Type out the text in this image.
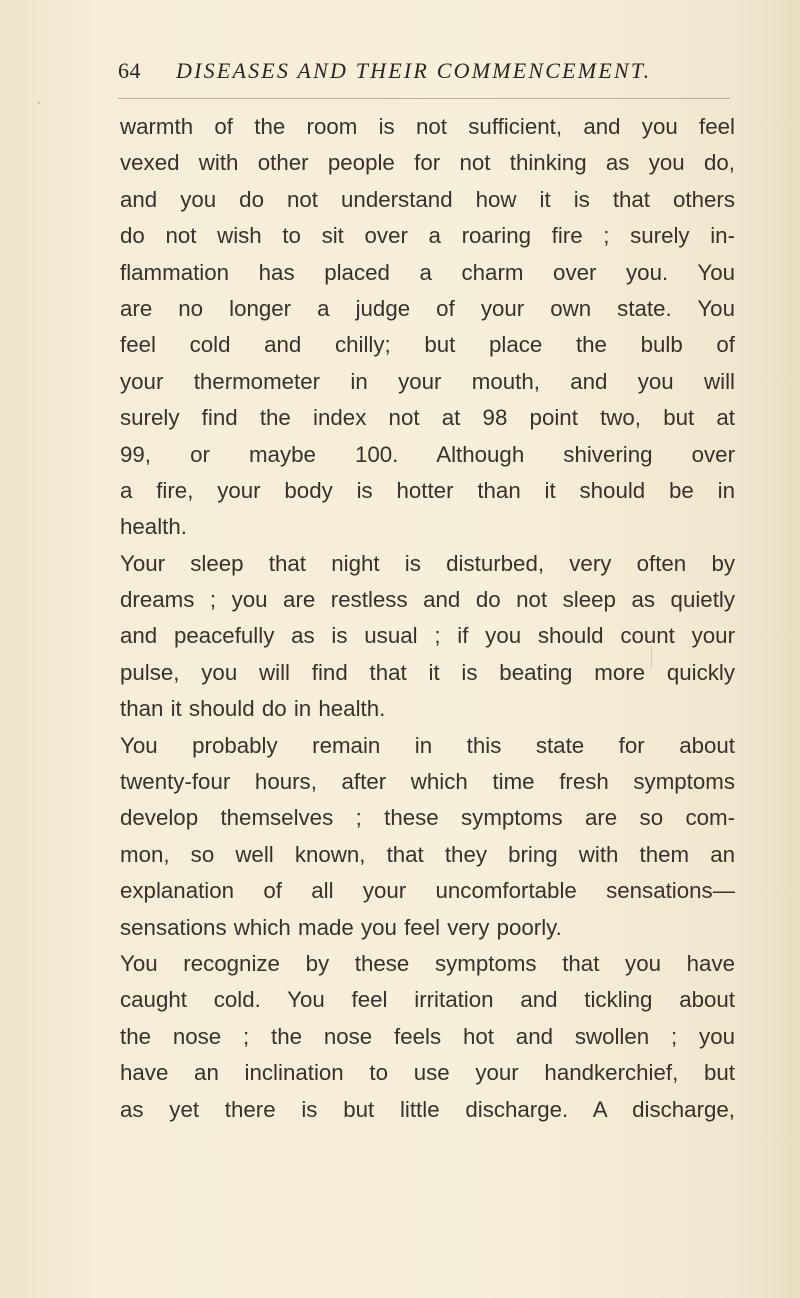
64 DISEASES AND THEIR COMMENCEMENT.
warmth of the room is not sufficient, and you feel
vexed with other people for not thinking as you do,
and you do not understand how it is that others
do not wish to sit over a roaring fire ; surely in-
flammation has placed a charm over you. You
are no longer a judge of your own state. You
feel cold and chilly; but place the bulb of
your thermometer in your mouth, and you will
surely find the index not at 98 point two, but at
99, or maybe 100. Although shivering over
a fire, your body is hotter than it should be in
health.
Your sleep that night is disturbed, very often by
dreams ; you are restless and do not sleep as quietly
and peacefully as is usual ; if you should count your
pulse, you will find that it is beating more quickly
than it should do in health.
You probably remain in this state for about
twenty-four hours, after which time fresh symptoms
develop themselves ; these symptoms are so com-
mon, so well known, that they bring with them an
explanation of all your uncomfortable sensations—
sensations which made you feel very poorly.
You recognize by these symptoms that you have
caught cold. You feel irritation and tickling about
the nose ; the nose feels hot and swollen ; you
have an inclination to use your handkerchief, but
as yet there is but little discharge. A discharge,
